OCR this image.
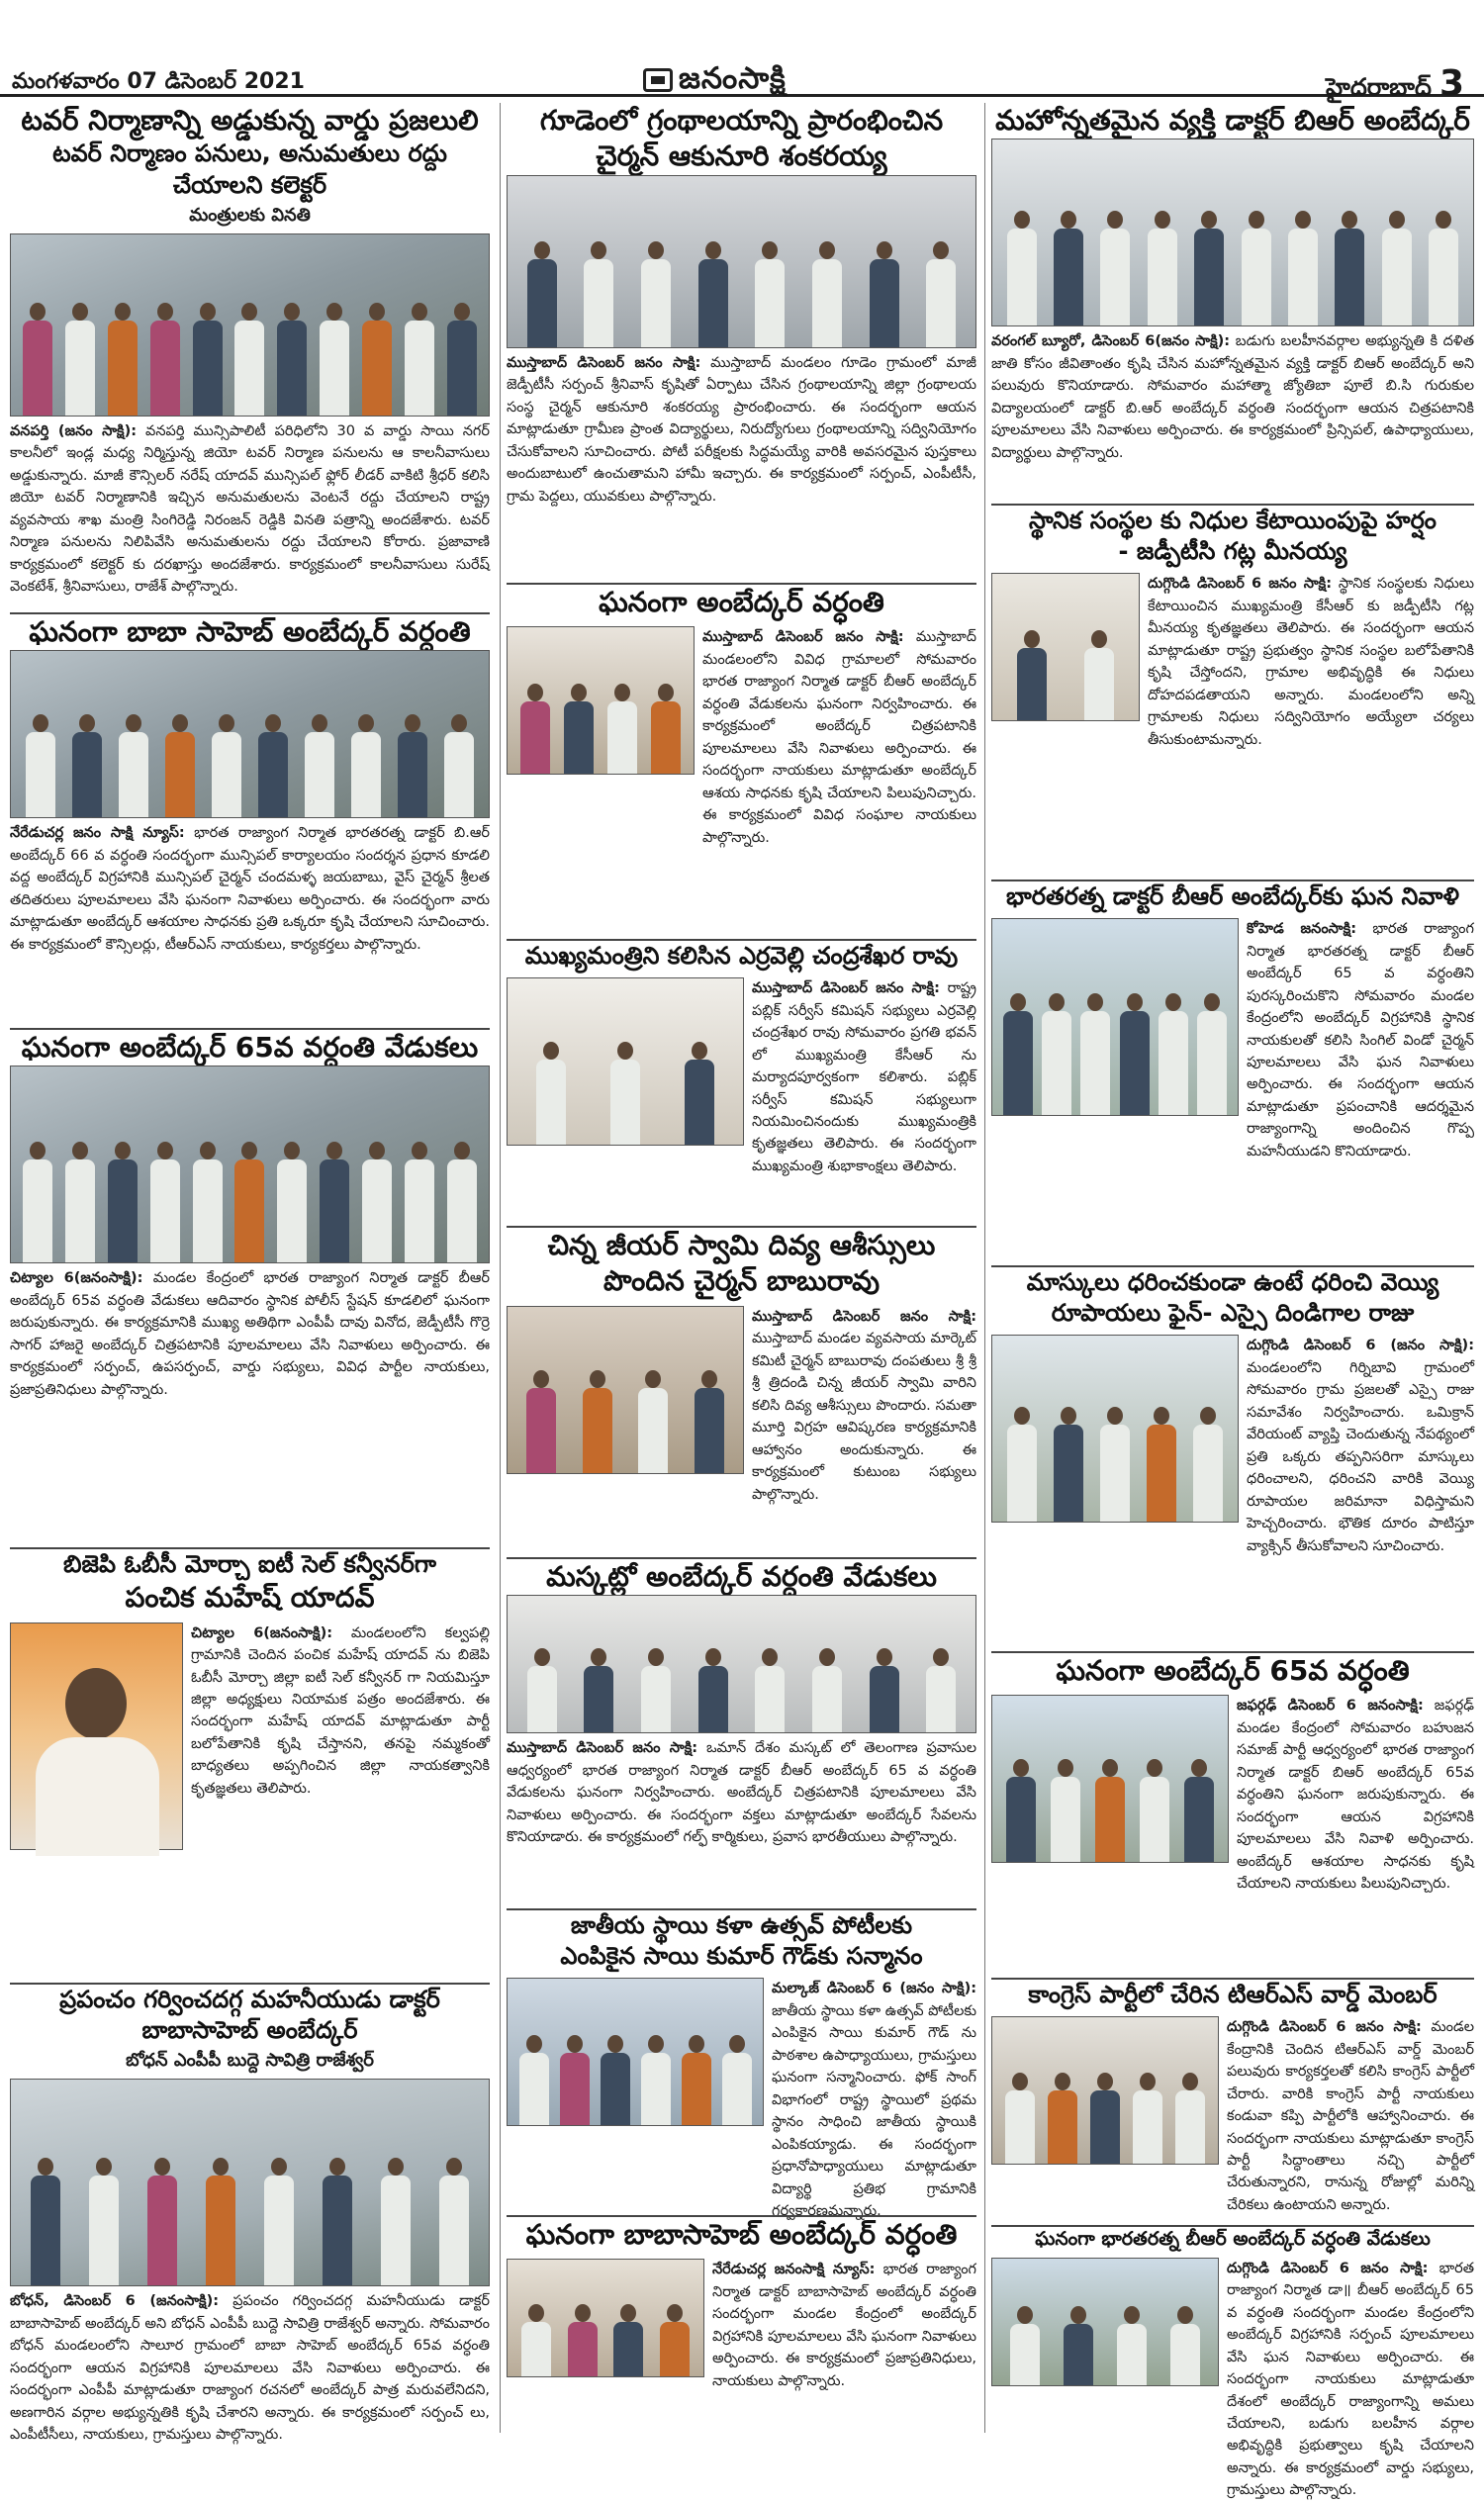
మంగళవారం 07 డిసెంబర్ 2021	జనంసాక్షి	హైదరాబాద్ 3
టవర్ నిర్మాణాన్ని అడ్డుకున్న వార్డు ప్రజలులి
టవర్ నిర్మాణం పనులు, అనుమతులు రద్దు చేయాలని కలెక్టర్
మంత్రులకు వినతి

వనపర్తి (జనం సాక్షి): వనపర్తి మున్సిపాలిటీ పరిధిలోని 30 వ వార్డు సాయి నగర్ కాలనీలో ఇండ్ల మధ్య నిర్మిస్తున్న జియో టవర్ నిర్మాణ పనులను ఆ కాలనీవాసులు అడ్డుకున్నారు. మాజీ కౌన్సిలర్ నరేష్ యాదవ్ మున్సిపల్ ఫ్లోర్ లీడర్ వాకిటి శ్రీధర్ కలిసి జియో టవర్ నిర్మాణానికి ఇచ్చిన అనుమతులను వెంటనే రద్దు చేయాలని రాష్ట్ర వ్యవసాయ శాఖ మంత్రి సింగిరెడ్డి నిరంజన్ రెడ్డికి వినతి పత్రాన్ని అందజేశారు. టవర్ నిర్మాణ పనులను నిలిపివేసి అనుమతులను రద్దు చేయాలని కోరారు. ప్రజావాణి కార్యక్రమంలో కలెక్టర్ కు దరఖాస్తు అందజేశారు. కార్యక్రమంలో కాలనీవాసులు సురేష్ వెంకటేశ్, శ్రీనివాసులు, రాజేశ్ పాల్గొన్నారు.

ఘనంగా బాబా సాహెబ్ అంబేద్కర్ వర్ధంతి

నేరేడుచర్ల జనం సాక్షి న్యూస్: భారత రాజ్యాంగ నిర్మాత భారతరత్న డాక్టర్ బి.ఆర్ అంబేద్కర్ 66 వ వర్ధంతి సందర్భంగా మున్సిపల్ కార్యాలయం సందర్శన ప్రధాన కూడలి వద్ద అంబేద్కర్ విగ్రహానికి మున్సిపల్ చైర్మన్ చందమళ్ళ జయబాబు, వైస్ చైర్మన్ శ్రీలత తదితరులు పూలమాలలు వేసి ఘనంగా నివాళులు అర్పించారు. ఈ సందర్భంగా వారు మాట్లాడుతూ అంబేద్కర్ ఆశయాల సాధనకు ప్రతి ఒక్కరూ కృషి చేయాలని సూచించారు. ఈ కార్యక్రమంలో కౌన్సిలర్లు, టీఆర్ఎస్ నాయకులు, కార్యకర్తలు పాల్గొన్నారు.

ఘనంగా అంబేద్కర్ 65వ వర్ధంతి వేడుకలు

చిట్యాల 6(జనంసాక్షి): మండల కేంద్రంలో భారత రాజ్యాంగ నిర్మాత డాక్టర్ బీఆర్ అంబేద్కర్ 65వ వర్ధంతి వేడుకలు ఆదివారం స్థానిక పోలీస్ స్టేషన్ కూడలిలో ఘనంగా జరుపుకున్నారు. ఈ కార్యక్రమానికి ముఖ్య అతిథిగా ఎంపీపీ దావు వినోద, జెడ్పీటీసీ గొర్రె సాగర్ హాజరై అంబేద్కర్ చిత్రపటానికి పూలమాలలు వేసి నివాళులు అర్పించారు. ఈ కార్యక్రమంలో సర్పంచ్, ఉపసర్పంచ్, వార్డు సభ్యులు, వివిధ పార్టీల నాయకులు, ప్రజాప్రతినిధులు పాల్గొన్నారు.

బిజెపి ఓబీసీ మోర్చా ఐటీ సెల్ కన్వీనర్‌గా
పంచిక మహేష్ యాదవ్

చిట్యాల 6(జనంసాక్షి): మండలంలోని కల్వపల్లి గ్రామానికి చెందిన పంచిక మహేష్ యాదవ్ ను బిజెపి ఓబీసీ మోర్చా జిల్లా ఐటీ సెల్ కన్వీనర్ గా నియమిస్తూ జిల్లా అధ్యక్షులు నియామక పత్రం అందజేశారు. ఈ సందర్భంగా మహేష్ యాదవ్ మాట్లాడుతూ పార్టీ బలోపేతానికి కృషి చేస్తానని, తనపై నమ్మకంతో బాధ్యతలు అప్పగించిన జిల్లా నాయకత్వానికి కృతజ్ఞతలు తెలిపారు.

ప్రపంచం గర్వించదగ్గ మహనీయుడు డాక్టర్
బాబాసాహెబ్ అంబేద్కర్
బోధన్ ఎంపీపీ బుద్దె సావిత్రి రాజేశ్వర్

బోధన్, డిసెంబర్ 6 (జనంసాక్షి): ప్రపంచం గర్వించదగ్గ మహనీయుడు డాక్టర్ బాబాసాహెబ్ అంబేద్కర్ అని బోధన్ ఎంపీపీ బుద్దె సావిత్రి రాజేశ్వర్ అన్నారు. సోమవారం బోధన్ మండలంలోని సాలూర గ్రామంలో బాబా సాహెబ్ అంబేద్కర్ 65వ వర్ధంతి సందర్భంగా ఆయన విగ్రహానికి పూలమాలలు వేసి నివాళులు అర్పించారు. ఈ సందర్భంగా ఎంపీపీ మాట్లాడుతూ రాజ్యాంగ రచనలో అంబేద్కర్ పాత్ర మరువలేనిదని, అణగారిన వర్గాల అభ్యున్నతికి కృషి చేశారని అన్నారు. ఈ కార్యక్రమంలో సర్పంచ్ లు, ఎంపీటీసీలు, నాయకులు, గ్రామస్తులు పాల్గొన్నారు.

గూడెంలో గ్రంథాలయాన్ని ప్రారంభించిన
చైర్మన్ ఆకునూరి శంకరయ్య

ముస్తాబాద్ డిసెంబర్ జనం సాక్షి: ముస్తాబాద్ మండలం గూడెం గ్రామంలో మాజీ జెడ్పీటీసీ సర్పంచ్ శ్రీనివాస్ కృషితో ఏర్పాటు చేసిన గ్రంథాలయాన్ని జిల్లా గ్రంథాలయ సంస్థ చైర్మన్ ఆకునూరి శంకరయ్య ప్రారంభించారు. ఈ సందర్భంగా ఆయన మాట్లాడుతూ గ్రామీణ ప్రాంత విద్యార్థులు, నిరుద్యోగులు గ్రంథాలయాన్ని సద్వినియోగం చేసుకోవాలని సూచించారు. పోటీ పరీక్షలకు సిద్ధమయ్యే వారికి అవసరమైన పుస్తకాలు అందుబాటులో ఉంచుతామని హామీ ఇచ్చారు. ఈ కార్యక్రమంలో సర్పంచ్, ఎంపీటీసీ, గ్రామ పెద్దలు, యువకులు పాల్గొన్నారు.

ఘనంగా అంబేద్కర్ వర్ధంతి

ముస్తాబాద్ డిసెంబర్ జనం సాక్షి: ముస్తాబాద్ మండలంలోని వివిధ గ్రామాలలో సోమవారం భారత రాజ్యాంగ నిర్మాత డాక్టర్ బీఆర్ అంబేద్కర్ వర్ధంతి వేడుకలను ఘనంగా నిర్వహించారు. ఈ కార్యక్రమంలో అంబేద్కర్ చిత్రపటానికి పూలమాలలు వేసి నివాళులు అర్పించారు. ఈ సందర్భంగా నాయకులు మాట్లాడుతూ అంబేద్కర్ ఆశయ సాధనకు కృషి చేయాలని పిలుపునిచ్చారు. ఈ కార్యక్రమంలో వివిధ సంఘాల నాయకులు పాల్గొన్నారు.

ముఖ్యమంత్రిని కలిసిన ఎర్రవెల్లి చంద్రశేఖర రావు

ముస్తాబాద్ డిసెంబర్ జనం సాక్షి: రాష్ట్ర పబ్లిక్ సర్వీస్ కమిషన్ సభ్యులు ఎర్రవెల్లి చంద్రశేఖర రావు సోమవారం ప్రగతి భవన్ లో ముఖ్యమంత్రి కేసీఆర్ ను మర్యాదపూర్వకంగా కలిశారు. పబ్లిక్ సర్వీస్ కమిషన్ సభ్యులుగా నియమించినందుకు ముఖ్యమంత్రికి కృతజ్ఞతలు తెలిపారు. ఈ సందర్భంగా ముఖ్యమంత్రి శుభాకాంక్షలు తెలిపారు.

చిన్న జీయర్ స్వామి దివ్య ఆశీస్సులు
పొందిన చైర్మన్ బాబురావు

ముస్తాబాద్ డిసెంబర్ జనం సాక్షి: ముస్తాబాద్ మండల వ్యవసాయ మార్కెట్ కమిటీ చైర్మన్ బాబురావు దంపతులు శ్రీ శ్రీ శ్రీ త్రిదండి చిన్న జీయర్ స్వామి వారిని కలిసి దివ్య ఆశీస్సులు పొందారు. సమతా మూర్తి విగ్రహ ఆవిష్కరణ కార్యక్రమానికి ఆహ్వానం అందుకున్నారు. ఈ కార్యక్రమంలో కుటుంబ సభ్యులు పాల్గొన్నారు.

మస్కట్లో అంబేద్కర్ వర్ధంతి వేడుకలు

ముస్తాబాద్ డిసెంబర్ జనం సాక్షి: ఒమాన్ దేశం మస్కట్ లో తెలంగాణ ప్రవాసుల ఆధ్వర్యంలో భారత రాజ్యాంగ నిర్మాత డాక్టర్ బీఆర్ అంబేద్కర్ 65 వ వర్ధంతి వేడుకలను ఘనంగా నిర్వహించారు. అంబేద్కర్ చిత్రపటానికి పూలమాలలు వేసి నివాళులు అర్పించారు. ఈ సందర్భంగా వక్తలు మాట్లాడుతూ అంబేద్కర్ సేవలను కొనియాడారు. ఈ కార్యక్రమంలో గల్ఫ్ కార్మికులు, ప్రవాస భారతీయులు పాల్గొన్నారు.

జాతీయ స్థాయి కళా ఉత్సవ్ పోటీలకు
ఎంపికైన సాయి కుమార్ గౌడ్‌కు సన్మానం

మల్కాజ్ డిసెంబర్ 6 (జనం సాక్షి): జాతీయ స్థాయి కళా ఉత్సవ్ పోటీలకు ఎంపికైన సాయి కుమార్ గౌడ్ ను పాఠశాల ఉపాధ్యాయులు, గ్రామస్తులు ఘనంగా సన్మానించారు. ఫోక్ సాంగ్ విభాగంలో రాష్ట్ర స్థాయిలో ప్రథమ స్థానం సాధించి జాతీయ స్థాయికి ఎంపికయ్యాడు. ఈ సందర్భంగా ప్రధానోపాధ్యాయులు మాట్లాడుతూ విద్యార్థి ప్రతిభ గ్రామానికి గర్వకారణమన్నారు.

ఘనంగా బాబాసాహెబ్ అంబేద్కర్ వర్ధంతి

నేరేడుచర్ల జనంసాక్షి న్యూస్: భారత రాజ్యాంగ నిర్మాత డాక్టర్ బాబాసాహెబ్ అంబేద్కర్ వర్ధంతి సందర్భంగా మండల కేంద్రంలో అంబేద్కర్ విగ్రహానికి పూలమాలలు వేసి ఘనంగా నివాళులు అర్పించారు. ఈ కార్యక్రమంలో ప్రజాప్రతినిధులు, నాయకులు పాల్గొన్నారు.

మహోన్నతమైన వ్యక్తి డాక్టర్ బిఆర్ అంబేద్కర్

వరంగల్ బ్యూరో, డిసెంబర్ 6(జనం సాక్షి): బడుగు బలహీనవర్గాల అభ్యున్నతి కి దళిత జాతి కోసం జీవితాంతం కృషి చేసిన మహోన్నతమైన వ్యక్తి డాక్టర్ బిఆర్ అంబేద్కర్ అని పలువురు కొనియాడారు. సోమవారం మహాత్మా జ్యోతిబా పూలే బి.సి గురుకుల విద్యాలయంలో డాక్టర్ బి.ఆర్ అంబేద్కర్ వర్ధంతి సందర్భంగా ఆయన చిత్రపటానికి పూలమాలలు వేసి నివాళులు అర్పించారు. ఈ కార్యక్రమంలో ప్రిన్సిపల్, ఉపాధ్యాయులు, విద్యార్థులు పాల్గొన్నారు.

స్థానిక సంస్థల కు నిధుల కేటాయింపుపై హర్షం
- జడ్పీటీసి గట్ల మీనయ్య

దుగ్గొండి డిసెంబర్ 6 జనం సాక్షి: స్థానిక సంస్థలకు నిధులు కేటాయించిన ముఖ్యమంత్రి కేసీఆర్ కు జడ్పీటీసి గట్ల మీనయ్య కృతజ్ఞతలు తెలిపారు. ఈ సందర్భంగా ఆయన మాట్లాడుతూ రాష్ట్ర ప్రభుత్వం స్థానిక సంస్థల బలోపేతానికి కృషి చేస్తోందని, గ్రామాల అభివృద్ధికి ఈ నిధులు దోహదపడతాయని అన్నారు. మండలంలోని అన్ని గ్రామాలకు నిధులు సద్వినియోగం అయ్యేలా చర్యలు తీసుకుంటామన్నారు.

భారతరత్న డాక్టర్ బీఆర్ అంబేద్కర్‌కు ఘన నివాళి

కోహెడ జనంసాక్షి: భారత రాజ్యాంగ నిర్మాత భారతరత్న డాక్టర్ బీఆర్ అంబేద్కర్ 65 వ వర్ధంతిని పురస్కరించుకొని సోమవారం మండల కేంద్రంలోని అంబేద్కర్ విగ్రహానికి స్థానిక నాయకులతో కలిసి సింగిల్ విండో చైర్మన్ పూలమాలలు వేసి ఘన నివాళులు అర్పించారు. ఈ సందర్భంగా ఆయన మాట్లాడుతూ ప్రపంచానికి ఆదర్శమైన రాజ్యాంగాన్ని అందించిన గొప్ప మహనీయుడని కొనియాడారు.

మాస్కులు ధరించకుండా ఉంటే ధరించి వెయ్యి
రూపాయలు ఫైన్- ఎస్సై దిండిగాల రాజు

దుగ్గొండి డిసెంబర్ 6 (జనం సాక్షి): మండలంలోని గిర్నిబావి గ్రామంలో సోమవారం గ్రామ ప్రజలతో ఎస్సై రాజు సమావేశం నిర్వహించారు. ఒమిక్రాన్ వేరియంట్ వ్యాప్తి చెందుతున్న నేపథ్యంలో ప్రతి ఒక్కరు తప్పనిసరిగా మాస్కులు ధరించాలని, ధరించని వారికి వెయ్యి రూపాయల జరిమానా విధిస్తామని హెచ్చరించారు. భౌతిక దూరం పాటిస్తూ వ్యాక్సిన్ తీసుకోవాలని సూచించారు.

ఘనంగా అంబేద్కర్ 65వ వర్ధంతి

జఫర్గఢ్ డిసెంబర్ 6 జనంసాక్షి: జఫర్గఢ్ మండల కేంద్రంలో సోమవారం బహుజన సమాజ్ పార్టీ ఆధ్వర్యంలో భారత రాజ్యాంగ నిర్మాత డాక్టర్ బిఆర్ అంబేద్కర్ 65వ వర్ధంతిని ఘనంగా జరుపుకున్నారు. ఈ సందర్భంగా ఆయన విగ్రహానికి పూలమాలలు వేసి నివాళి అర్పించారు. అంబేద్కర్ ఆశయాల సాధనకు కృషి చేయాలని నాయకులు పిలుపునిచ్చారు.

కాంగ్రెస్ పార్టీలో చేరిన టిఆర్ఎస్ వార్డ్ మెంబర్

దుగ్గొండి డిసెంబర్ 6 జనం సాక్షి: మండల కేంద్రానికి చెందిన టిఆర్ఎస్ వార్డ్ మెంబర్ పలువురు కార్యకర్తలతో కలిసి కాంగ్రెస్ పార్టీలో చేరారు. వారికి కాంగ్రెస్ పార్టీ నాయకులు కండువా కప్పి పార్టీలోకి ఆహ్వానించారు. ఈ సందర్భంగా నాయకులు మాట్లాడుతూ కాంగ్రెస్ పార్టీ సిద్ధాంతాలు నచ్చి పార్టీలో చేరుతున్నారని, రానున్న రోజుల్లో మరిన్ని చేరికలు ఉంటాయని అన్నారు.

ఘనంగా భారతరత్న బీఆర్ అంబేద్కర్ వర్ధంతి వేడుకలు

దుగ్గొండి డిసెంబర్ 6 జనం సాక్షి: భారత రాజ్యాంగ నిర్మాత డా॥ బీఆర్ అంబేద్కర్ 65 వ వర్ధంతి సందర్భంగా మండల కేంద్రంలోని అంబేద్కర్ విగ్రహానికి సర్పంచ్ పూలమాలలు వేసి ఘన నివాళులు అర్పించారు. ఈ సందర్భంగా నాయకులు మాట్లాడుతూ దేశంలో అంబేద్కర్ రాజ్యాంగాన్ని అమలు చేయాలని, బడుగు బలహీన వర్గాల అభివృద్ధికి ప్రభుత్వాలు కృషి చేయాలని అన్నారు. ఈ కార్యక్రమంలో వార్డు సభ్యులు, గ్రామస్తులు పాల్గొన్నారు.
